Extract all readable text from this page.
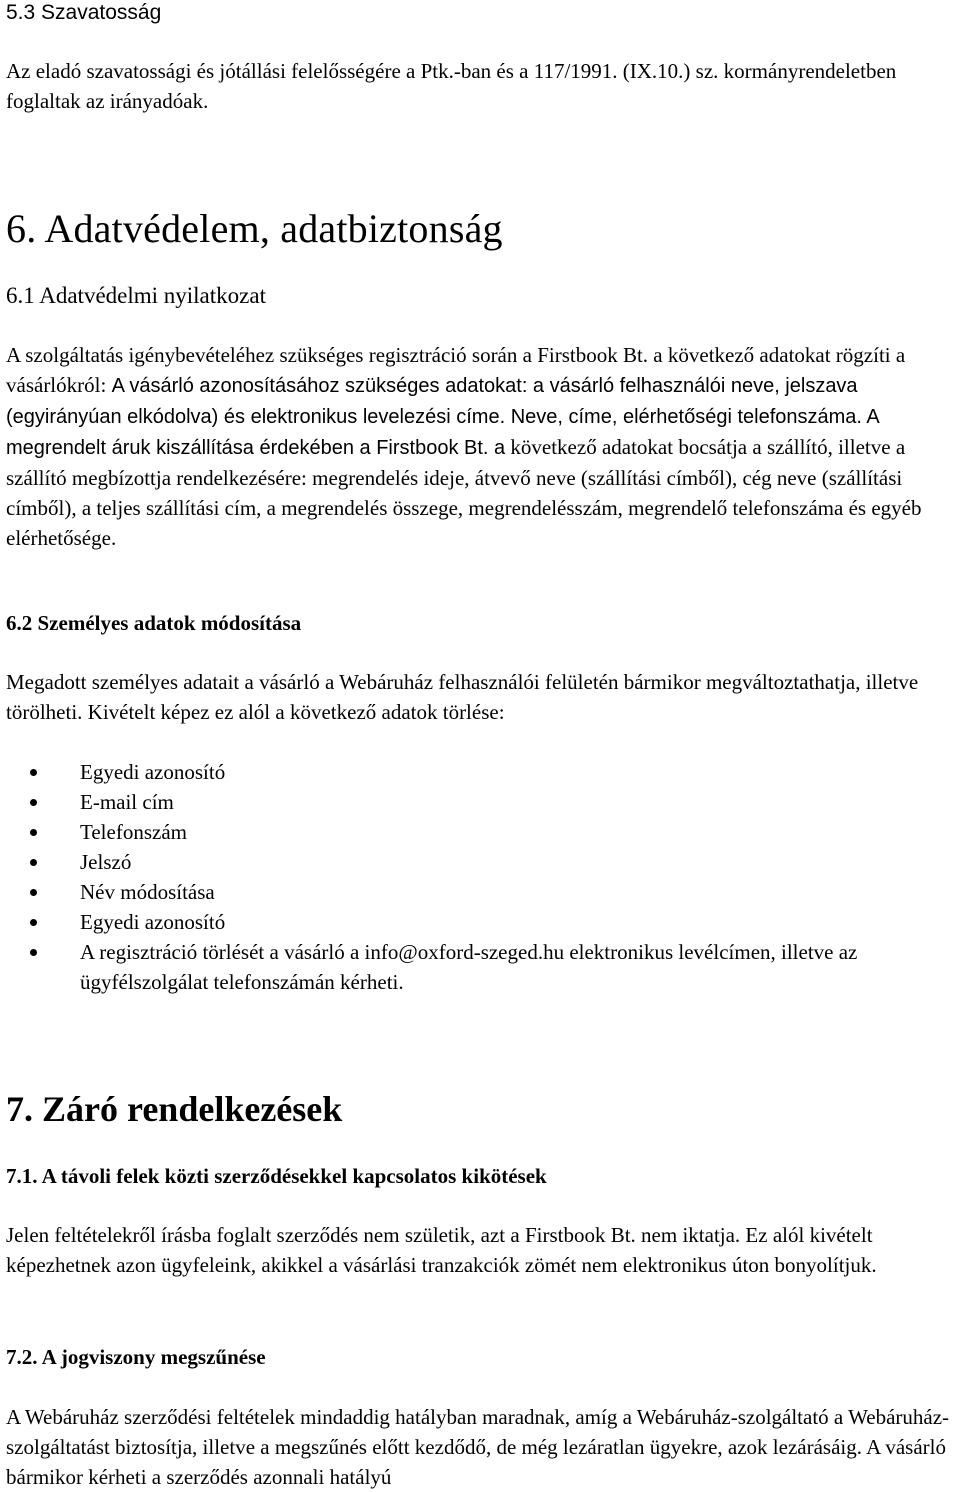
5.3 Szavatosság

Az eladó szavatossági és jótállási felelősségére a Ptk.-ban és a 117/1991. (IX.10.) sz. kormányrendeletben foglaltak az irányadóak.

6. Adatvédelem, adatbiztonság
6.1 Adatvédelmi nyilatkozat

A szolgáltatás igénybevételéhez szükséges regisztráció során a Firstbook Bt. a következő adatokat rögzíti a vásárlókról: A vásárló azonosításához szükséges adatokat: a vásárló felhasználói neve, jelszava (egyirányúan elkódolva) és elektronikus levelezési címe. Neve, címe, elérhetőségi telefonszáma. A megrendelt áruk kiszállítása érdekében a Firstbook Bt. a következő adatokat bocsátja a szállító, illetve a szállító megbízottja rendelkezésére: megrendelés ideje, átvevő neve (szállítási címből), cég neve (szállítási címből), a teljes szállítási cím, a megrendelés összege, megrendelésszám, megrendelő telefonszáma és egyéb elérhetősége.

6.2 Személyes adatok módosítása

Megadott személyes adatait a vásárló a Webáruház felhasználói felületén bármikor megváltoztathatja, illetve törölheti. Kivételt képez ez alól a következő adatok törlése:

Egyedi azonosító
E-mail cím
Telefonszám
Jelszó
Név módosítása
Egyedi azonosító
A regisztráció törlését a vásárló a info@oxford-szeged.hu elektronikus levélcímen, illetve az ügyfélszolgálat telefonszámán kérheti.
7. Záró rendelkezések
7.1. A távoli felek közti szerződésekkel kapcsolatos kikötések

Jelen feltételekről írásba foglalt szerződés nem születik, azt a Firstbook Bt. nem iktatja. Ez alól kivételt képezhetnek azon ügyfeleink, akikkel a vásárlási tranzakciók zömét nem elektronikus úton bonyolítjuk.

7.2. A jogviszony megszűnése

A Webáruház szerződési feltételek mindaddig hatályban maradnak, amíg a Webáruház-szolgáltató a Webáruház-szolgáltatást biztosítja, illetve a megszűnés előtt kezdődő, de még lezáratlan ügyekre, azok lezárásáig. A vásárló bármikor kérheti a szerződés azonnali hatályú
